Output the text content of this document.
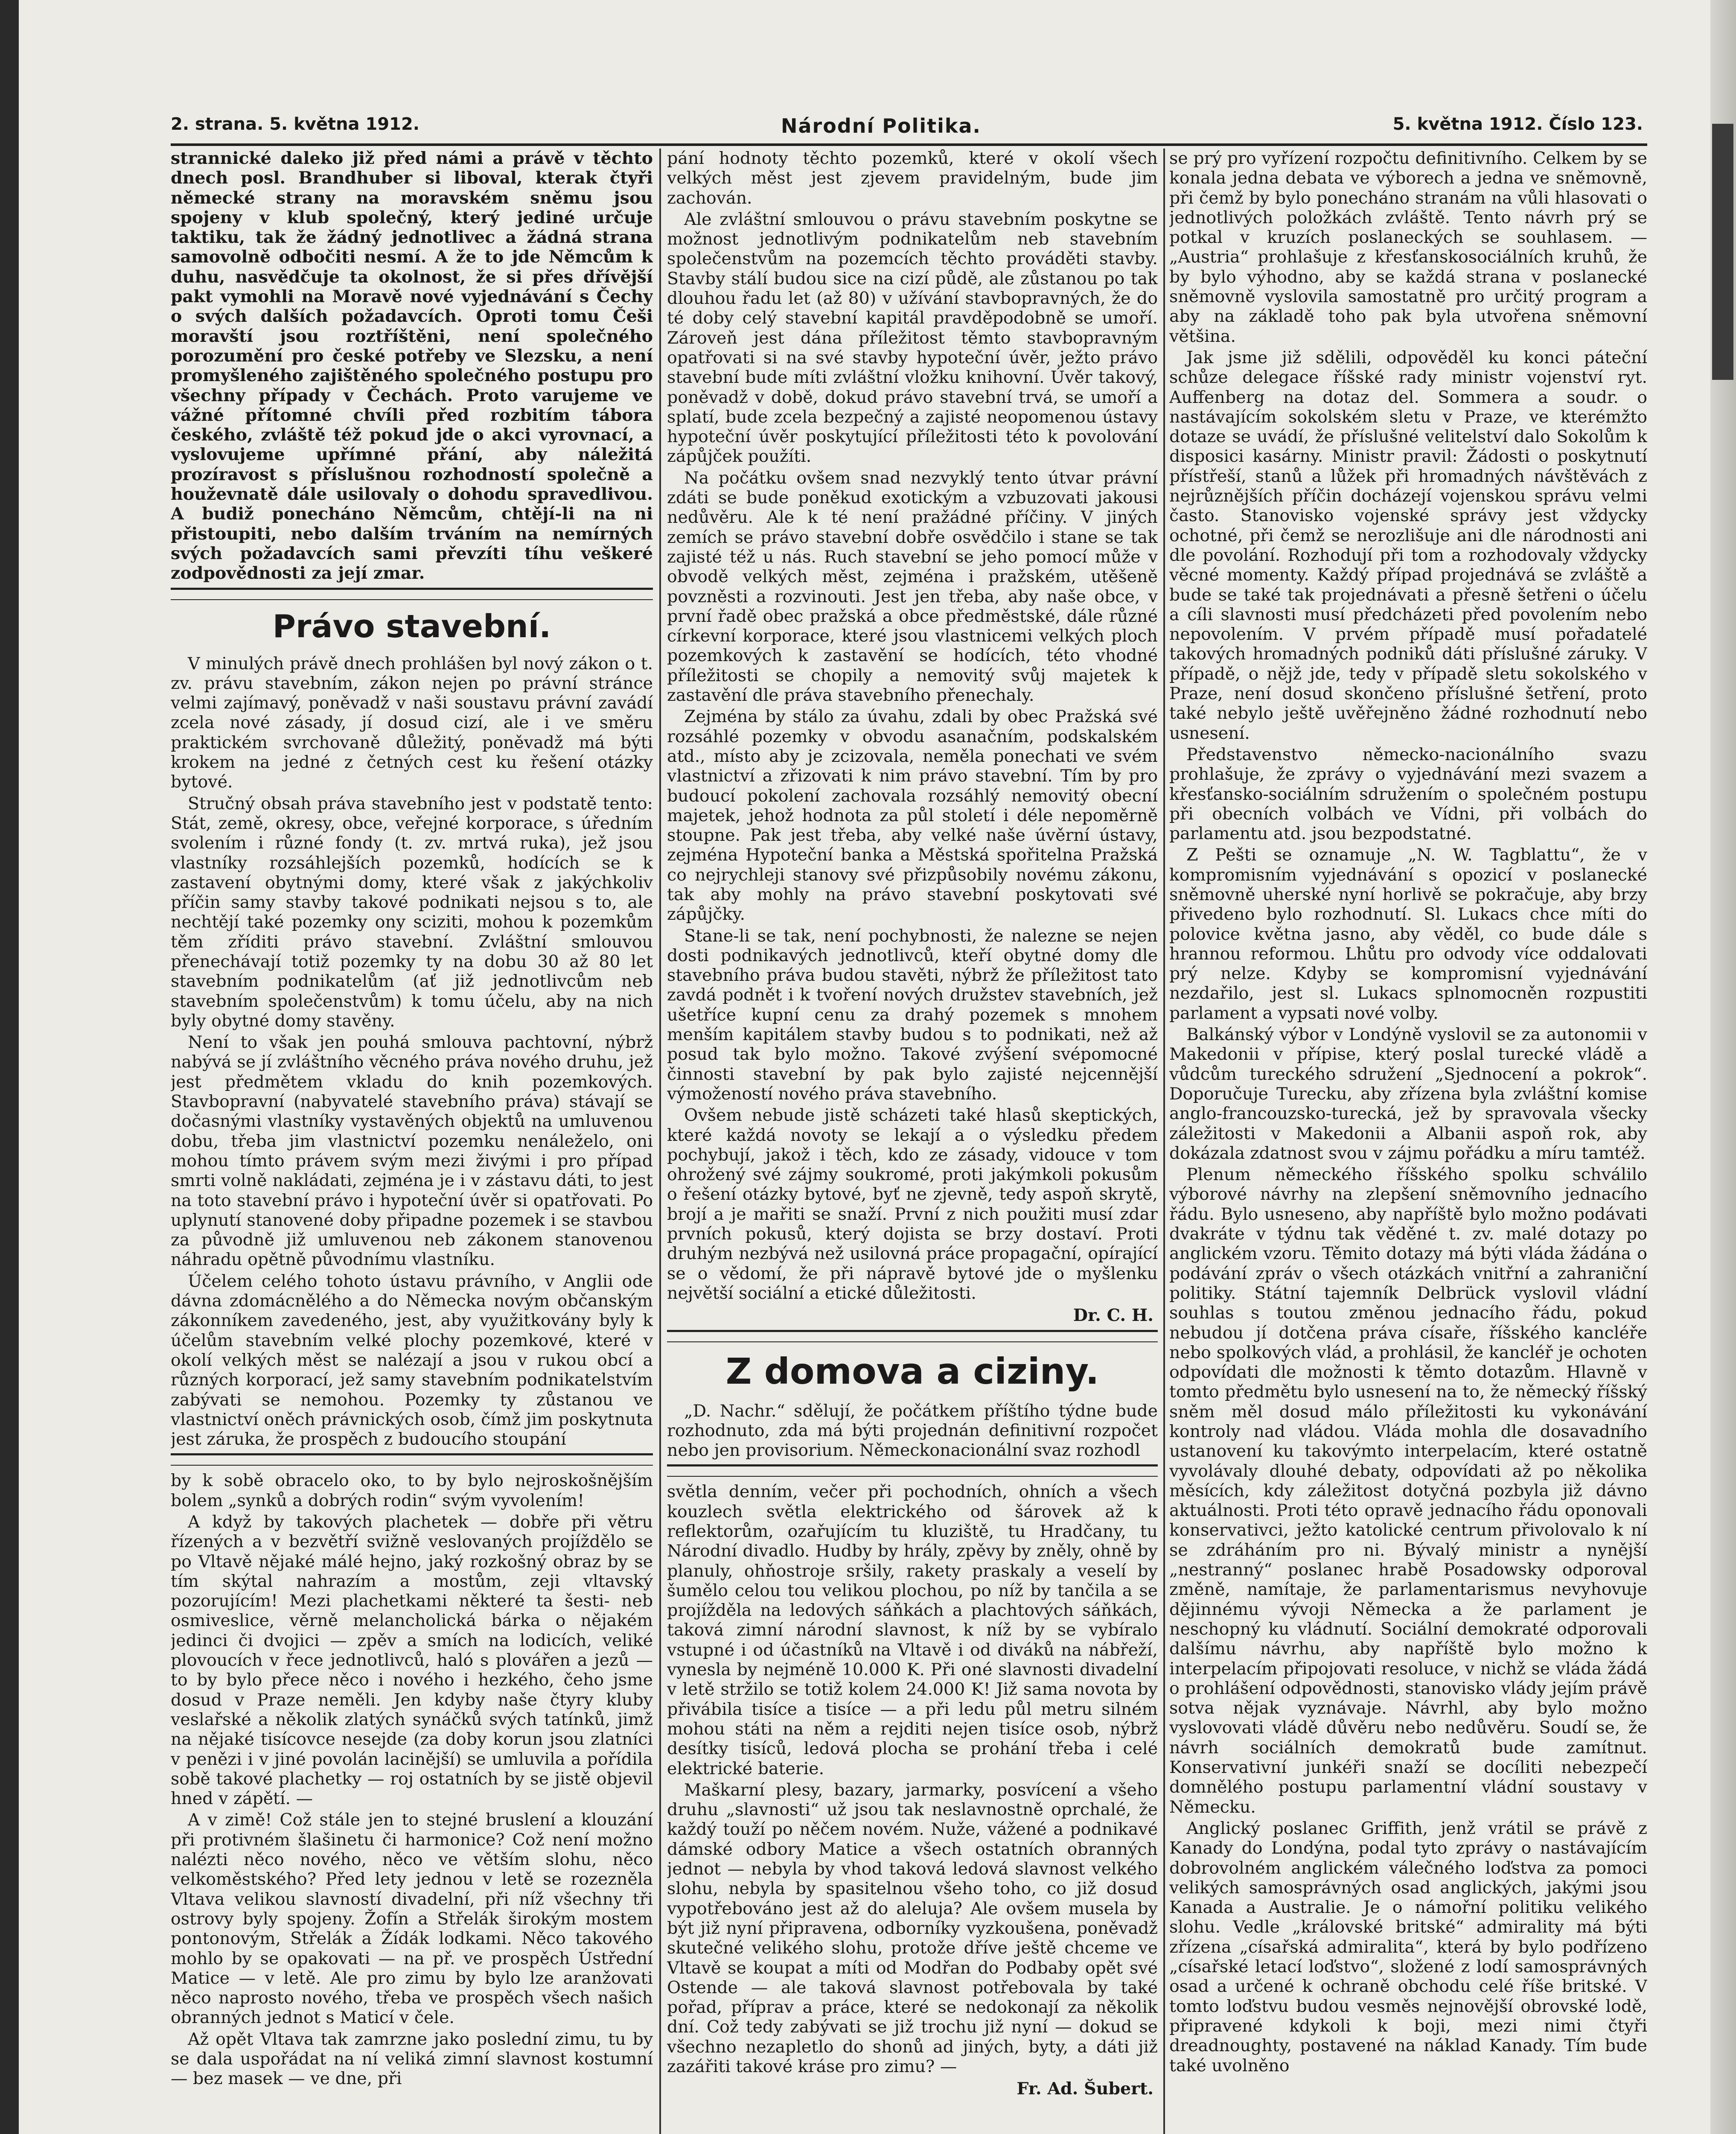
2. strana. 5. května 1912.	Národní Politika.	5. května 1912. Číslo 123.

strannické daleko již před námi a právě v těchto dnech posl. Brandhuber si liboval, kterak čtyři německé strany na moravském sněmu jsou spojeny v klub společný, který jediné určuje taktiku, tak že žádný jednotlivec a žádná strana samovolně odbočiti nesmí. A že to jde Němcům k duhu, nasvědčuje ta okolnost, že si přes dřívější pakt vymohli na Moravě nové vyjednávání s Čechy o svých dalších požadavcích. Oproti tomu Češi moravští jsou roztříštěni, není společného porozumění pro české potřeby ve Slezsku, a není promyšleného zajištěného společného postupu pro všechny případy v Čechách. Proto varujeme ve vážné přítomné chvíli před rozbitím tábora českého, zvláště též pokud jde o akci vyrovnací, a vyslovujeme upřímné přání, aby náležitá prozíravost s příslušnou rozhodností společně a houževnatě dále usilovaly o dohodu spravedlivou. A budiž ponecháno Němcům, chtějí-li na ni přistoupiti, nebo dalším trváním na nemírných svých požadavcích sami převzíti tíhu veškeré zodpovědnosti za její zmar.

Právo stavební.

V minulých právě dnech prohlášen byl nový zákon o t. zv. právu stavebním, zákon nejen po právní stránce velmi zajímavý, poněvadž v naši soustavu právní zavádí zcela nové zásady, jí dosud cizí, ale i ve směru praktickém svrchovaně důležitý, poněvadž má býti krokem na jedné z četných cest ku řešení otázky bytové.

Stručný obsah práva stavebního jest v podstatě tento: Stát, země, okresy, obce, veřejné korporace, s úředním svolením i různé fondy (t. zv. mrtvá ruka), jež jsou vlastníky rozsáhlejších pozemků, hodících se k zastavení obytnými domy, které však z jakýchkoliv příčin samy stavby takové podnikati nejsou s to, ale nechtějí také pozemky ony sciziti, mohou k pozemkům těm zříditi právo stavební. Zvláštní smlouvou přenechávají totiž pozemky ty na dobu 30 až 80 let stavebním podnikatelům (ať již jednotlivcům neb stavebním společenstvům) k tomu účelu, aby na nich byly obytné domy stavěny.

Není to však jen pouhá smlouva pachtovní, nýbrž nabývá se jí zvláštního věcného práva nového druhu, jež jest předmětem vkladu do knih pozemkových. Stavbopravní (nabyvatelé stavebního práva) stávají se dočasnými vlastníky vystavěných objektů na umluvenou dobu, třeba jim vlastnictví pozemku nenáleželo, oni mohou tímto právem svým mezi živými i pro případ smrti volně nakládati, zejména je i v zástavu dáti, to jest na toto stavební právo i hypoteční úvěr si opatřovati. Po uplynutí stanovené doby připadne pozemek i se stavbou za původně již umluvenou neb zákonem stanovenou náhradu opětně původnímu vlastníku.

Účelem celého tohoto ústavu právního, v Anglii ode dávna zdomácnělého a do Německa novým občanským zákonníkem zavedeného, jest, aby využitkovány byly k účelům stavebním velké plochy pozemkové, které v okolí velkých měst se nalézají a jsou v rukou obcí a různých korporací, jež samy stavebním podnikatelstvím zabývati se nemohou. Pozemky ty zůstanou ve vlastnictví oněch právnických osob, čímž jim poskytnuta jest záruka, že prospěch z budoucího stoupání

by k sobě obracelo oko, to by bylo nejroskošnějším bolem „synků a dobrých rodin“ svým vyvolením!

A když by takových plachetek — dobře při větru řízených a v bezvětří svižně veslovaných projíždělo se po Vltavě nějaké málé hejno, jaký rozkošný obraz by se tím skýtal nahrazím a mostům, zeji vltavský pozorujícím! Mezi plachetkami některé ta šesti- neb osmiveslice, věrně melancholická bárka o nějakém jedinci či dvojici — zpěv a smích na lodicích, veliké plovoucích v řece jednotlivců, haló s plovářen a jezů — to by bylo přece něco i nového i hezkého, čeho jsme dosud v Praze neměli. Jen kdyby naše čtyry kluby veslařské a několik zlatých synáčků svých tatínků, jimž na nějaké tisícovce nesejde (za doby korun jsou zlatníci v penězi i v jiné povolán lacinější) se umluvila a pořídila sobě takové plachetky — roj ostatních by se jistě objevil hned v zápětí. —

A v zimě! Což stále jen to stejné bruslení a klouzání při protivném šlašinetu či harmonice? Což není možno nalézti něco nového, něco ve větším slohu, něco velkoměstského? Před lety jednou v letě se rozezněla Vltava velikou slavností divadelní, při níž všechny tři ostrovy byly spojeny. Žofín a Střelák širokým mostem pontonovým, Střelák a Žídák lodkami. Něco takového mohlo by se opakovati — na př. ve prospěch Ústřední Matice — v letě. Ale pro zimu by bylo lze aranžovati něco naprosto nového, třeba ve prospěch všech našich obranných jednot s Maticí v čele.

Až opět Vltava tak zamrzne jako poslední zimu, tu by se dala uspořádat na ní veliká zimní slavnost kostumní — bez masek — ve dne, při

pání hodnoty těchto pozemků, které v okolí všech velkých měst jest zjevem pravidelným, bude jim zachován.

Ale zvláštní smlouvou o právu stavebním poskytne se možnost jednotlivým podnikatelům neb stavebním společenstvům na pozemcích těchto prováděti stavby. Stavby stálí budou sice na cizí půdě, ale zůstanou po tak dlouhou řadu let (až 80) v užívání stavbopravných, že do té doby celý stavební kapitál pravděpodobně se umoří. Zároveň jest dána příležitost těmto stavbopravným opatřovati si na své stavby hypoteční úvěr, ježto právo stavební bude míti zvláštní vložku knihovní. Úvěr takový, poněvadž v době, dokud právo stavební trvá, se umoří a splatí, bude zcela bezpečný a zajisté neopomenou ústavy hypoteční úvěr poskytující příležitosti této k povolování zápůjček použíti.

Na počátku ovšem snad nezvyklý tento útvar právní zdáti se bude poněkud exotickým a vzbuzovati jakousi nedůvěru. Ale k té není pražádné příčiny. V jiných zemích se právo stavební dobře osvědčilo i stane se tak zajisté též u nás. Ruch stavební se jeho pomocí může v obvodě velkých měst, zejména i pražském, utěšeně povzněsti a rozvinouti. Jest jen třeba, aby naše obce, v první řadě obec pražská a obce předměstské, dále různé církevní korporace, které jsou vlastnicemi velkých ploch pozemkových k zastavění se hodících, této vhodné příležitosti se chopily a nemovitý svůj majetek k zastavění dle práva stavebního přenechaly.

Zejména by stálo za úvahu, zdali by obec Pražská své rozsáhlé pozemky v obvodu asanačním, podskalském atd., místo aby je zcizovala, neměla ponechati ve svém vlastnictví a zřizovati k nim právo stavební. Tím by pro budoucí pokolení zachovala rozsáhlý nemovitý obecní majetek, jehož hodnota za půl století i déle nepoměrně stoupne. Pak jest třeba, aby velké naše úvěrní ústavy, zejména Hypoteční banka a Městská spořitelna Pražská co nejrychleji stanovy své přizpůsobily novému zákonu, tak aby mohly na právo stavební poskytovati své zápůjčky.

Stane-li se tak, není pochybnosti, že nalezne se nejen dosti podnikavých jednotlivců, kteří obytné domy dle stavebního práva budou stavěti, nýbrž že příležitost tato zavdá podnět i k tvoření nových družstev stavebních, jež ušetříce kupní cenu za drahý pozemek s mnohem menším kapitálem stavby budou s to podnikati, než až posud tak bylo možno. Takové zvýšení svépomocné činnosti stavební by pak bylo zajisté nejcennější výmožeností nového práva stavebního.

Ovšem nebude jistě scházeti také hlasů skeptických, které každá novoty se lekají a o výsledku předem pochybují, jakož i těch, kdo ze zásady, vidouce v tom ohrožený své zájmy soukromé, proti jakýmkoli pokusům o řešení otázky bytové, byť ne zjevně, tedy aspoň skrytě, brojí a je mařiti se snaží. První z nich použiti musí zdar prvních pokusů, který dojista se brzy dostaví. Proti druhým nezbývá než usilovná práce propagační, opírající se o vědomí, že při nápravě bytové jde o myšlenku největší sociální a etické důležitosti.

Dr. C. H.
Z domova a ciziny.

„D. Nachr.“ sdělují, že počátkem příštího týdne bude rozhodnuto, zda má býti projednán definitivní rozpočet nebo jen provisorium. Německonacionální svaz rozhodl

světla denním, večer při pochodních, ohních a všech kouzlech světla elektrického od šárovek až k reflektorům, ozařujícím tu kluziště, tu Hradčany, tu Národní divadlo. Hudby by hrály, zpěvy by zněly, ohně by planuly, ohňostroje sršily, rakety praskaly a veselí by šumělo celou tou velikou plochou, po níž by tančila a se projížděla na ledových sáňkách a plachtových sáňkách, taková zimní národní slavnost, k níž by se vybíralo vstupné i od účastníků na Vltavě i od diváků na nábřeží, vynesla by nejméně 10.000 K. Při oné slavnosti divadelní v letě stržilo se totiž kolem 24.000 K! Již sama novota by přivábila tisíce a tisíce — a při ledu půl metru silném mohou státi na něm a rejditi nejen tisíce osob, nýbrž desítky tisíců, ledová plocha se prohání třeba i celé elektrické baterie.

Maškarní plesy, bazary, jarmarky, posvícení a všeho druhu „slavnosti“ už jsou tak neslavnostně oprchalé, že každý touží po něčem novém. Nuže, vážené a podnikavé dámské odbory Matice a všech ostatních obranných jednot — nebyla by vhod taková ledová slavnost velkého slohu, nebyla by spasitelnou všeho toho, co již dosud vypotřebováno jest až do aleluja? Ale ovšem musela by být již nyní připravena, odborníky vyzkoušena, poněvadž skutečné velikého slohu, protože dříve ještě chceme ve Vltavě se koupat a míti od Modřan do Podbaby opět své Ostende — ale taková slavnost potřebovala by také pořad, příprav a práce, které se nedokonají za několik dní. Což tedy zabývati se již trochu již nyní — dokud se všechno nezapletlo do shonů ad jiných, byty, a dáti již zazářiti takové kráse pro zimu? —

Fr. Ad. Šubert.

se prý pro vyřízení rozpočtu definitivního. Celkem by se konala jedna debata ve výborech a jedna ve sněmovně, při čemž by bylo ponecháno stranám na vůli hlasovati o jednotlivých položkách zvláště. Tento návrh prý se potkal v kruzích poslaneckých se souhlasem. — „Austria“ prohlašuje z křesťanskosociálních kruhů, že by bylo výhodno, aby se každá strana v poslanecké sněmovně vyslovila samostatně pro určitý program a aby na základě toho pak byla utvořena sněmovní většina.

Jak jsme již sdělili, odpověděl ku konci páteční schůze delegace říšské rady ministr vojenství ryt. Auffenberg na dotaz del. Sommera a soudr. o nastávajícím sokolském sletu v Praze, ve kterémžto dotaze se uvádí, že příslušné velitelství dalo Sokolům k disposici kasárny. Ministr pravil: Žádosti o poskytnutí přístřeší, stanů a lůžek při hromadných návštěvách z nejrůznějších příčin docházejí vojenskou správu velmi často. Stanovisko vojenské správy jest vždycky ochotné, při čemž se nerozlišuje ani dle národnosti ani dle povolání. Rozhodují při tom a rozhodovaly vždycky věcné momenty. Každý případ projednává se zvláště a bude se také tak projednávati a přesně šetřeni o účelu a cíli slavnosti musí předcházeti před povolením nebo nepovolením. V prvém případě musí pořadatelé takových hromadných podniků dáti příslušné záruky. V případě, o nějž jde, tedy v případě sletu sokolského v Praze, není dosud skončeno příslušné šetření, proto také nebylo ještě uvěřejněno žádné rozhodnutí nebo usnesení.

Představenstvo německo-nacionálního svazu prohlašuje, že zprávy o vyjednávání mezi svazem a křesťansko-sociálním sdružením o společném postupu při obecních volbách ve Vídni, při volbách do parlamentu atd. jsou bezpodstatné.

Z Pešti se oznamuje „N. W. Tagblattu“, že v kompromisním vyjednávání s opozicí v poslanecké sněmovně uherské nyní horlivě se pokračuje, aby brzy přivedeno bylo rozhodnutí. Sl. Lukacs chce míti do polovice května jasno, aby věděl, co bude dále s hrannou reformou. Lhůtu pro odvody více oddalovati prý nelze. Kdyby se kompromisní vyjednávání nezdařilo, jest sl. Lukacs splnomocněn rozpustiti parlament a vypsati nové volby.

Balkánský výbor v Londýně vyslovil se za autonomii v Makedonii v přípise, který poslal turecké vládě a vůdcům tureckého sdružení „Sjednocení a pokrok“. Doporučuje Turecku, aby zřízena byla zvláštní komise anglo-francouzsko-turecká, jež by spravovala všecky záležitosti v Makedonii a Albanii aspoň rok, aby dokázala zdatnost svou v zájmu pořádku a míru tamtéž.

Plenum německého říšského spolku schválilo výborové návrhy na zlepšení sněmovního jednacího řádu. Bylo usneseno, aby napříště bylo možno podávati dvakráte v týdnu tak věděné t. zv. malé dotazy po anglickém vzoru. Těmito dotazy má býti vláda žádána o podávání zpráv o všech otázkách vnitřní a zahraniční politiky. Státní tajemník Delbrück vyslovil vládní souhlas s toutou změnou jednacího řádu, pokud nebudou jí dotčena práva císaře, říšského kancléře nebo spolkových vlád, a prohlásil, že kancléř je ochoten odpovídati dle možnosti k těmto dotazům. Hlavně v tomto předmětu bylo usnesení na to, že německý říšský sněm měl dosud málo příležitosti ku vykonávání kontroly nad vládou. Vláda mohla dle dosavadního ustanovení ku takovýmto interpelacím, které ostatně vyvolávaly dlouhé debaty, odpovídati až po několika měsících, kdy záležitost dotyčná pozbyla již dávno aktuálnosti. Proti této opravě jednacího řádu oponovali konservativci, ježto katolické centrum přivolovalo k ní se zdráháním pro ni. Bývalý ministr a nynější „nestranný“ poslanec hrabě Posadowsky odporoval změně, namítaje, že parlamentarismus nevyhovuje dějinnému vývoji Německa a že parlament je neschopný ku vládnutí. Sociální demokraté odporovali dalšímu návrhu, aby napříště bylo možno k interpelacím připojovati resoluce, v nichž se vláda žádá o prohlášení odpovědnosti, stanovisko vlády jejím právě sotva nějak vyznávaje. Návrhl, aby bylo možno vyslovovati vládě důvěru nebo nedůvěru. Soudí se, že návrh sociálních demokratů bude zamítnut. Konservativní junkéři snaží se docíliti nebezpečí domnělého postupu parlamentní vládní soustavy v Německu.

Anglický poslanec Griffith, jenž vrátil se právě z Kanady do Londýna, podal tyto zprávy o nastávajícím dobrovolném anglickém válečného loďstva za pomoci velikých samosprávných osad anglických, jakými jsou Kanada a Australie. Je o námořní politiku velikého slohu. Vedle „královské britské“ admirality má býti zřízena „císařská admiralita“, která by bylo podřízeno „císařské letací loďstvo“, složené z lodí samosprávných osad a určené k ochraně obchodu celé říše britské. V tomto loďstvu budou vesměs nejnovější obrovské lodě, připravené kdykoli k boji, mezi nimi čtyři dreadnoughty, postavené na náklad Kanady. Tím bude také uvolněno
